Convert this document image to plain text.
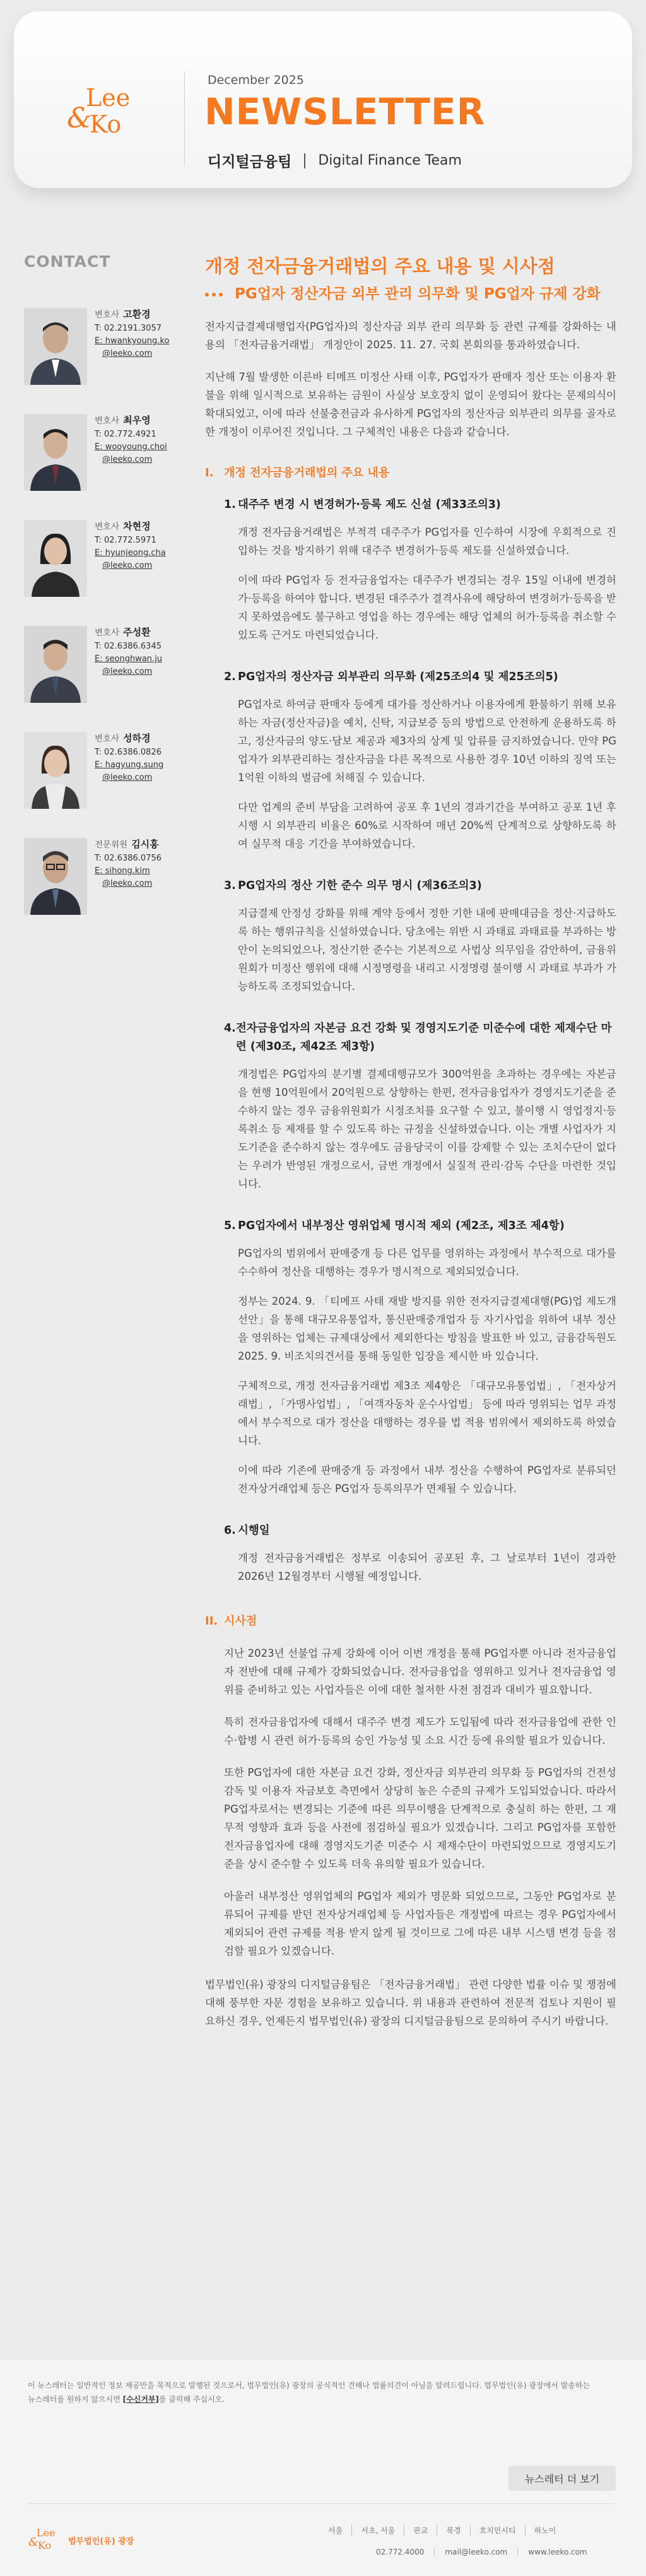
Lee
&
Ko
December 2025
NEWSLETTER
디지털금융팀 Digital Finance Team
CONTACT
변호사 고환경
T: 02.2191.3057
E: hwankyoung.ko
@leeko.com
변호사 최우영
T: 02.772.4921
E: wooyoung.choi
@leeko.com
변호사 차현정
T: 02.772.5971
E: hyunjeong.cha
@leeko.com
변호사 주성환
T: 02.6386.6345
E: seonghwan.ju
@leeko.com
변호사 성하경
T: 02.6386.0826
E: hagyung.sung
@leeko.com
전문위원 김시홍
T: 02.6386.0756
E: sihong.kim
@leeko.com
개정 전자금융거래법의 주요 내용 및 시사점
PG업자 정산자금 외부 관리 의무화 및 PG업자 규제 강화

전자지급결제대행업자(PG업자)의 정산자금 외부 관리 의무화 등 관련 규제를 강화하는 내용의 「전자금융거래법」 개정안이 2025. 11. 27. 국회 본회의를 통과하였습니다.

지난해 7월 발생한 이른바 티메프 미정산 사태 이후, PG업자가 판매자 정산 또는 이용자 환불을 위해 일시적으로 보유하는 금원이 사실상 보호장치 없이 운영되어 왔다는 문제의식이 확대되었고, 이에 따라 선불충전금과 유사하게 PG업자의 정산자금 외부관리 의무를 골자로 한 개정이 이루어진 것입니다. 그 구체적인 내용은 다음과 같습니다.

I. 개정 전자금융거래법의 주요 내용
1. 대주주 변경 시 변경허가·등록 제도 신설 (제33조의3)

개정 전자금융거래법은 부적격 대주주가 PG업자를 인수하여 시장에 우회적으로 진입하는 것을 방지하기 위해 대주주 변경허가·등록 제도를 신설하였습니다.

이에 따라 PG업자 등 전자금융업자는 대주주가 변경되는 경우 15일 이내에 변경허가·등록을 하여야 합니다. 변경된 대주주가 결격사유에 해당하여 변경허가·등록을 받지 못하였음에도 불구하고 영업을 하는 경우에는 해당 업체의 허가·등록을 취소할 수 있도록 근거도 마련되었습니다.

2. PG업자의 정산자금 외부관리 의무화 (제25조의4 및 제25조의5)

PG업자로 하여금 판매자 등에게 대가를 정산하거나 이용자에게 환불하기 위해 보유하는 자금(정산자금)을 예치, 신탁, 지급보증 등의 방법으로 안전하게 운용하도록 하고, 정산자금의 양도·담보 제공과 제3자의 상계 및 압류를 금지하였습니다. 만약 PG업자가 외부관리하는 정산자금을 다른 목적으로 사용한 경우 10년 이하의 징역 또는 1억원 이하의 벌금에 처해질 수 있습니다.

다만 업계의 준비 부담을 고려하여 공포 후 1년의 경과기간을 부여하고 공포 1년 후 시행 시 외부관리 비율은 60%로 시작하여 매년 20%씩 단계적으로 상향하도록 하여 실무적 대응 기간을 부여하였습니다.

3. PG업자의 정산 기한 준수 의무 명시 (제36조의3)

지급결제 안정성 강화를 위해 계약 등에서 정한 기한 내에 판매대금을 정산·지급하도록 하는 행위규칙을 신설하였습니다. 당초에는 위반 시 과태료 과태료를 부과하는 방안이 논의되었으나, 정산기한 준수는 기본적으로 사법상 의무임을 감안하여, 금융위원회가 미정산 행위에 대해 시정명령을 내리고 시정명령 불이행 시 과태료 부과가 가능하도록 조정되었습니다.

4. 전자금융업자의 자본금 요건 강화 및 경영지도기준 미준수에 대한 제재수단 마련 (제30조, 제42조 제3항)

개정법은 PG업자의 분기별 결제대행규모가 300억원을 초과하는 경우에는 자본금을 현행 10억원에서 20억원으로 상향하는 한편, 전자금융업자가 경영지도기준을 준수하지 않는 경우 금융위원회가 시정조치를 요구할 수 있고, 불이행 시 영업정지·등록취소 등 제재를 할 수 있도록 하는 규정을 신설하였습니다. 이는 개별 사업자가 지도기준을 준수하지 않는 경우에도 금융당국이 이를 강제할 수 있는 조치수단이 없다는 우려가 반영된 개정으로서, 금번 개정에서 실질적 관리·감독 수단을 마련한 것입니다.

5. PG업자에서 내부정산 영위업체 명시적 제외 (제2조, 제3조 제4항)

PG업자의 범위에서 판매중개 등 다른 업무를 영위하는 과정에서 부수적으로 대가를 수수하여 정산을 대행하는 경우가 명시적으로 제외되었습니다.

정부는 2024. 9. 「티메프 사태 재발 방지를 위한 전자지급결제대행(PG)업 제도개선안」을 통해 대규모유통업자, 통신판매중개업자 등 자기사업을 위하여 내부 정산을 영위하는 업체는 규제대상에서 제외한다는 방침을 발표한 바 있고, 금융감독원도 2025. 9. 비조치의견서를 통해 동일한 입장을 제시한 바 있습니다.

구체적으로, 개정 전자금융거래법 제3조 제4항은 「대규모유통업법」, 「전자상거래법」, 「가맹사업법」, 「여객자동차 운수사업법」 등에 따라 영위되는 업무 과정에서 부수적으로 대가 정산을 대행하는 경우를 법 적용 범위에서 제외하도록 하였습니다.

이에 따라 기존에 판매중개 등 과정에서 내부 정산을 수행하여 PG업자로 분류되던 전자상거래업체 등은 PG업자 등록의무가 면제될 수 있습니다.

6. 시행일

개정 전자금융거래법은 정부로 이송되어 공포된 후, 그 날로부터 1년이 경과한 2026년 12월경부터 시행될 예정입니다.

II. 시사점

지난 2023년 선불업 규제 강화에 이어 이번 개정을 통해 PG업자뿐 아니라 전자금융업자 전반에 대해 규제가 강화되었습니다. 전자금융업을 영위하고 있거나 전자금융업 영위를 준비하고 있는 사업자들은 이에 대한 철저한 사전 점검과 대비가 필요합니다.

특히 전자금융업자에 대해서 대주주 변경 제도가 도입됨에 따라 전자금융업에 관한 인수·합병 시 관련 허가·등록의 승인 가능성 및 소요 시간 등에 유의할 필요가 있습니다.

또한 PG업자에 대한 자본금 요건 강화, 정산자금 외부관리 의무화 등 PG업자의 건전성 감독 및 이용자 자금보호 측면에서 상당히 높은 수준의 규제가 도입되었습니다. 따라서 PG업자로서는 변경되는 기준에 따른 의무이행을 단계적으로 충실히 하는 한편, 그 재무적 영향과 효과 등을 사전에 점검하실 필요가 있겠습니다. 그리고 PG업자를 포함한 전자금융업자에 대해 경영지도기준 미준수 시 제재수단이 마련되었으므로 경영지도기준을 상시 준수할 수 있도록 더욱 유의할 필요가 있습니다.

아울러 내부정산 영위업체의 PG업자 제외가 명문화 되었으므로, 그동안 PG업자로 분류되어 규제를 받던 전자상거래업체 등 사업자들은 개정법에 따르는 경우 PG업자에서 제외되어 관련 규제를 적용 받지 않게 될 것이므로 그에 따른 내부 시스템 변경 등을 점검할 필요가 있겠습니다.

법무법인(유) 광장의 디지털금융팀은 「전자금융거래법」 관련 다양한 법률 이슈 및 쟁점에 대해 풍부한 자문 경험을 보유하고 있습니다. 위 내용과 관련하여 전문적 검토나 지원이 필요하신 경우, 언제든지 법무법인(유) 광장의 디지털금융팀으로 문의하여 주시기 바랍니다.

이 뉴스레터는 일반적인 정보 제공만을 목적으로 발행된 것으로서, 법무법인(유) 광장의 공식적인 견해나 법률의견이 아님을 알려드립니다. 법무법인(유) 광장에서 발송하는
뉴스레터를 원하지 않으시면 [수신거부]를 클릭해 주십시오.
뉴스레터 더 보기
Lee
&
Ko 법무법인(유) 광장
서울	서초, 서울	판교	북경	호치민시티	하노이
02.772.4000	mail@leeko.com	www.leeko.com
